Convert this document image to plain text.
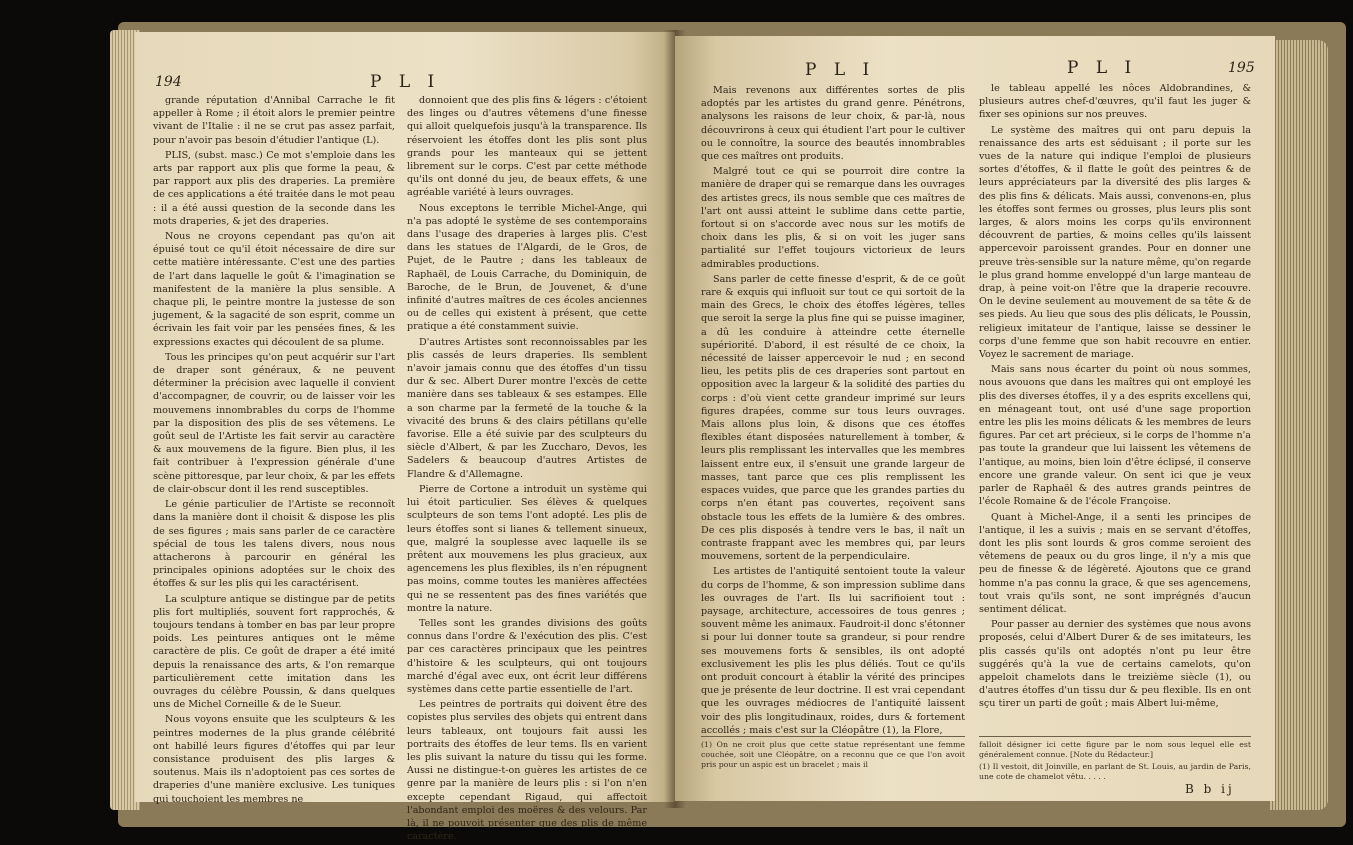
194	P L I

grande réputation d'Annibal Carrache le fit appeller à Rome ; il étoit alors le premier peintre vivant de l'Italie : il ne se crut pas assez parfait, pour n'avoir pas besoin d'étudier l'antique (L).

PLIS, (subst. masc.) Ce mot s'emploie dans les arts par rapport aux plis que forme la peau, & par rapport aux plis des draperies. La première de ces applications a été traitée dans le mot peau : il a été aussi question de la seconde dans les mots draperies, & jet des draperies.

Nous ne croyons cependant pas qu'on ait épuisé tout ce qu'il étoit nécessaire de dire sur cette matière intéressante. C'est une des parties de l'art dans laquelle le goût & l'imagination se manifestent de la manière la plus sensible. A chaque pli, le peintre montre la justesse de son jugement, & la sagacité de son esprit, comme un écrivain les fait voir par les pensées fines, & les expressions exactes qui découlent de sa plume.

Tous les principes qu'on peut acquérir sur l'art de draper sont généraux, & ne peuvent déterminer la précision avec laquelle il convient d'accompagner, de couvrir, ou de laisser voir les mouvemens innombrables du corps de l'homme par la disposition des plis de ses vêtemens. Le goût seul de l'Artiste les fait servir au caractère & aux mouvemens de la figure. Bien plus, il les fait contribuer à l'expression générale d'une scène pittoresque, par leur choix, & par les effets de clair-obscur dont il les rend susceptibles.

Le génie particulier de l'Artiste se reconnoît dans la manière dont il choisit & dispose les plis de ses figures ; mais sans parler de ce caractère spécial de tous les talens divers, nous nous attacherons à parcourir en général les principales opinions adoptées sur le choix des étoffes & sur les plis qui les caractérisent.

La sculpture antique se distingue par de petits plis fort multipliés, souvent fort rapprochés, & toujours tendans à tomber en bas par leur propre poids. Les peintures antiques ont le même caractère de plis. Ce goût de draper a été imité depuis la renaissance des arts, & l'on remarque particulièrement cette imitation dans les ouvrages du célèbre Poussin, & dans quelques uns de Michel Corneille & de le Sueur.

Nous voyons ensuite que les sculpteurs & les peintres modernes de la plus grande célébrité ont habillé leurs figures d'étoffes qui par leur consistance produisent des plis larges & soutenus. Mais ils n'adoptoient pas ces sortes de draperies d'une manière exclusive. Les tuniques qui touchoient les membres ne

donnoient que des plis fins & légers : c'étoient des linges ou d'autres vêtemens d'une finesse qui alloit quelquefois jusqu'à la transparence. Ils réservoient les étoffes dont les plis sont plus grands pour les manteaux qui se jettent librement sur le corps. C'est par cette méthode qu'ils ont donné du jeu, de beaux effets, & une agréable variété à leurs ouvrages.

Nous exceptons le terrible Michel-Ange, qui n'a pas adopté le système de ses contemporains dans l'usage des draperies à larges plis. C'est dans les statues de l'Algardi, de le Gros, de Pujet, de le Pautre ; dans les tableaux de Raphaël, de Louis Carrache, du Dominiquin, de Baroche, de le Brun, de Jouvenet, & d'une infinité d'autres maîtres de ces écoles anciennes ou de celles qui existent à présent, que cette pratique a été constamment suivie.

D'autres Artistes sont reconnoissables par les plis cassés de leurs draperies. Ils semblent n'avoir jamais connu que des étoffes d'un tissu dur & sec. Albert Durer montre l'excès de cette manière dans ses tableaux & ses estampes. Elle a son charme par la fermeté de la touche & la vivacité des bruns & des clairs pétillans qu'elle favorise. Elle a été suivie par des sculpteurs du siècle d'Albert, & par les Zuccharo, Devos, les Sadelers & beaucoup d'autres Artistes de Flandre & d'Allemagne.

Pierre de Cortone a introduit un système qui lui étoit particulier. Ses élèves & quelques sculpteurs de son tems l'ont adopté. Les plis de leurs étoffes sont si lianes & tellement sinueux, que, malgré la souplesse avec laquelle ils se prêtent aux mouvemens les plus gracieux, aux agencemens les plus flexibles, ils n'en répugnent pas moins, comme toutes les manières affectées qui ne se ressentent pas des fines variétés que montre la nature.

Telles sont les grandes divisions des goûts connus dans l'ordre & l'exécution des plis. C'est par ces caractères principaux que les peintres d'histoire & les sculpteurs, qui ont toujours marché d'égal avec eux, ont écrit leur différens systèmes dans cette partie essentielle de l'art.

Les peintres de portraits qui doivent être des copistes plus serviles des objets qui entrent dans leurs tableaux, ont toujours fait aussi les portraits des étoffes de leur tems. Ils en varient les plis suivant la nature du tissu qui les forme. Aussi ne distingue-t-on guères les artistes de ce genre par la manière de leurs plis : si l'on n'en excepte cependant Rigaud, qui affectoit l'abondant emploi des moëres & des velours. Par là, il ne pouvoit présenter que des plis de même caractère.

P L I	P L I	195

Mais revenons aux différentes sortes de plis adoptés par les artistes du grand genre. Pénétrons, analysons les raisons de leur choix, & par-là, nous découvrirons à ceux qui étudient l'art pour le cultiver ou le connoître, la source des beautés innombrables que ces maîtres ont produits.

Malgré tout ce qui se pourroit dire contre la manière de draper qui se remarque dans les ouvrages des artistes grecs, ils nous semble que ces maîtres de l'art ont aussi atteint le sublime dans cette partie, fortout si on s'accorde avec nous sur les motifs de choix dans les plis, & si on voit les juger sans partialité sur l'effet toujours victorieux de leurs admirables productions.

Sans parler de cette finesse d'esprit, & de ce goût rare & exquis qui influoit sur tout ce qui sortoit de la main des Grecs, le choix des étoffes légères, telles que seroit la serge la plus fine qui se puisse imaginer, a dû les conduire à atteindre cette éternelle supériorité. D'abord, il est résulté de ce choix, la nécessité de laisser appercevoir le nud ; en second lieu, les petits plis de ces draperies sont partout en opposition avec la largeur & la solidité des parties du corps : d'où vient cette grandeur imprimé sur leurs figures drapées, comme sur tous leurs ouvrages. Mais allons plus loin, & disons que ces étoffes flexibles étant disposées naturellement à tomber, & leurs plis remplissant les intervalles que les membres laissent entre eux, il s'ensuit une grande largeur de masses, tant parce que ces plis remplissent les espaces vuides, que parce que les grandes parties du corps n'en étant pas couvertes, reçoivent sans obstacle tous les effets de la lumière & des ombres. De ces plis disposés à tendre vers le bas, il naît un contraste frappant avec les membres qui, par leurs mouvemens, sortent de la perpendiculaire.

Les artistes de l'antiquité sentoient toute la valeur du corps de l'homme, & son impression sublime dans les ouvrages de l'art. Ils lui sacrifioient tout : paysage, architecture, accessoires de tous genres ; souvent même les animaux. Faudroit-il donc s'étonner si pour lui donner toute sa grandeur, si pour rendre ses mouvemens forts & sensibles, ils ont adopté exclusivement les plis les plus déliés. Tout ce qu'ils ont produit concourt à établir la vérité des principes que je présente de leur doctrine. Il est vrai cependant que les ouvrages médiocres de l'antiquité laissent voir des plis longitudinaux, roides, durs & fortement accollés ; mais c'est sur la Cléopâtre (1), la Flore,

(1) On ne croit plus que cette statue représentant une femme couchée, soit une Cléopâtre, on a reconnu que ce que l'on avoit pris pour un aspic est un bracelet ; mais il

le tableau appellé les nôces Aldobrandines, & plusieurs autres chef-d'œuvres, qu'il faut les juger & fixer ses opinions sur nos preuves.

Le système des maîtres qui ont paru depuis la renaissance des arts est séduisant ; il porte sur les vues de la nature qui indique l'emploi de plusieurs sortes d'étoffes, & il flatte le goût des peintres & de leurs appréciateurs par la diversité des plis larges & des plis fins & délicats. Mais aussi, convenons-en, plus les étoffes sont fermes ou grosses, plus leurs plis sont larges, & alors moins les corps qu'ils environnent découvrent de parties, & moins celles qu'ils laissent appercevoir paroissent grandes. Pour en donner une preuve très-sensible sur la nature même, qu'on regarde le plus grand homme enveloppé d'un large manteau de drap, à peine voit-on l'être que la draperie recouvre. On le devine seulement au mouvement de sa tête & de ses pieds. Au lieu que sous des plis délicats, le Poussin, religieux imitateur de l'antique, laisse se dessiner le corps d'une femme que son habit recouvre en entier. Voyez le sacrement de mariage.

Mais sans nous écarter du point où nous sommes, nous avouons que dans les maîtres qui ont employé les plis des diverses étoffes, il y a des esprits excellens qui, en ménageant tout, ont usé d'une sage proportion entre les plis les moins délicats & les membres de leurs figures. Par cet art précieux, si le corps de l'homme n'a pas toute la grandeur que lui laissent les vêtemens de l'antique, au moins, bien loin d'être éclipsé, il conserve encore une grande valeur. On sent ici que je veux parler de Raphaël & des autres grands peintres de l'école Romaine & de l'école Françoise.

Quant à Michel-Ange, il a senti les principes de l'antique, il les a suivis ; mais en se servant d'étoffes, dont les plis sont lourds & gros comme seroient des vêtemens de peaux ou du gros linge, il n'y a mis que peu de finesse & de légèreté. Ajoutons que ce grand homme n'a pas connu la grace, & que ses agencemens, tout vrais qu'ils sont, ne sont imprégnés d'aucun sentiment délicat.

Pour passer au dernier des systèmes que nous avons proposés, celui d'Albert Durer & de ses imitateurs, les plis cassés qu'ils ont adoptés n'ont pu leur être suggérés qu'à la vue de certains camelots, qu'on appeloit chamelots dans le treizième siècle (1), ou d'autres étoffes d'un tissu dur & peu flexible. Ils en ont sçu tirer un parti de goût ; mais Albert lui-même,

falloit désigner ici cette figure par le nom sous lequel elle est généralement connue. [Note du Rédacteur.]

(1) Il vestoit, dit Joinville, en parlant de St. Louis, au jardin de Paris, une cote de chamelot vêtu. . . . .

B b ij
